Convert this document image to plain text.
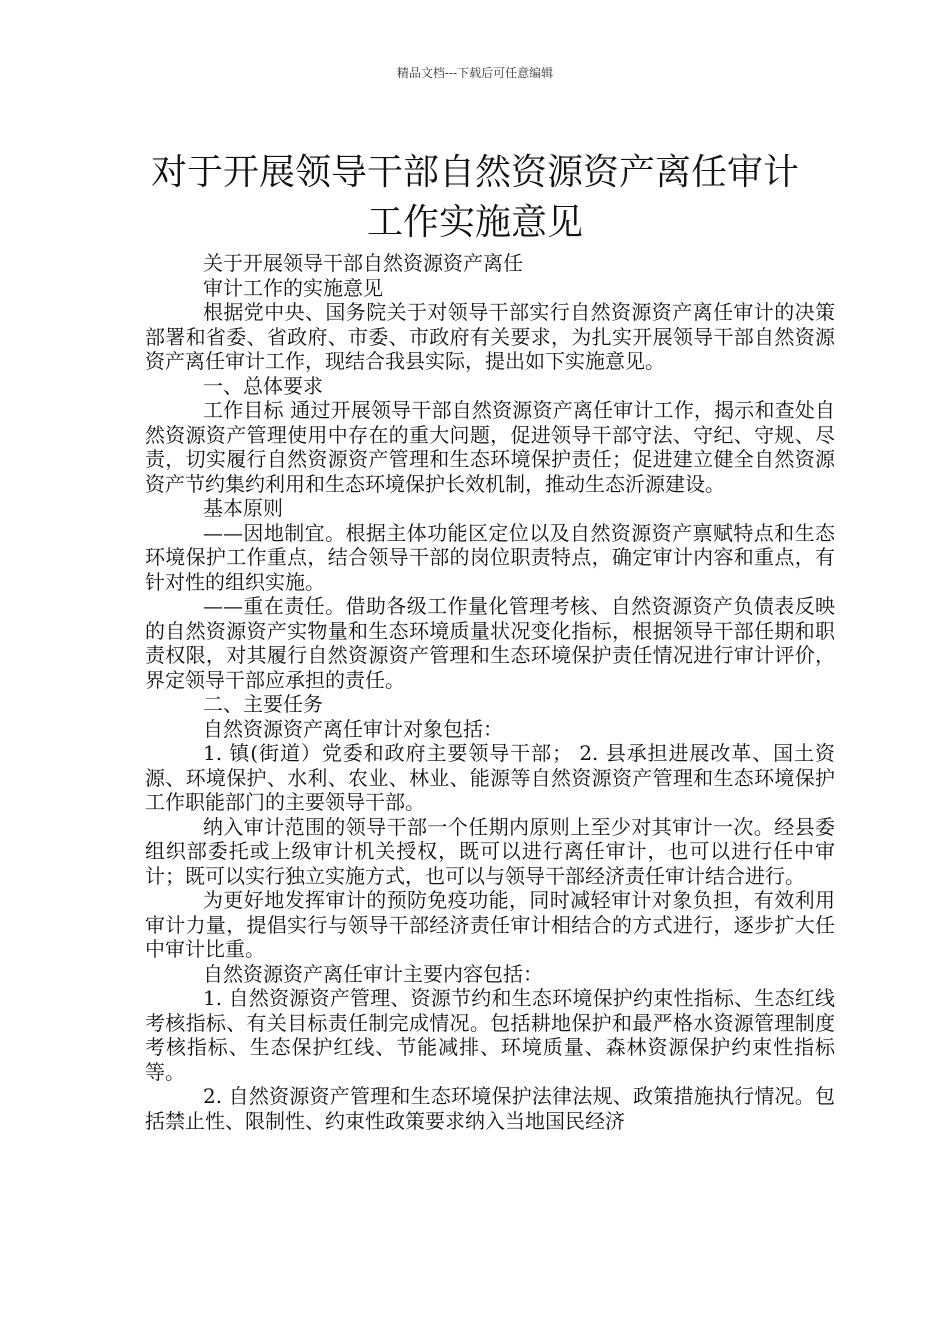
精品文档---下载后可任意编辑
对于开展领导干部自然资源资产离任审计
工作实施意见

关于开展领导干部自然资源资产离任

审计工作的实施意见

根据党中央、国务院关于对领导干部实行自然资源资产离任审计的决策部署和省委、省政府、市委、市政府有关要求，为扎实开展领导干部自然资源资产离任审计工作，现结合我县实际，提出如下实施意见。

一、总体要求

工作目标 通过开展领导干部自然资源资产离任审计工作，揭示和查处自然资源资产管理使用中存在的重大问题，促进领导干部守法、守纪、守规、尽责，切实履行自然资源资产管理和生态环境保护责任；促进建立健全自然资源资产节约集约利用和生态环境保护长效机制，推动生态沂源建设。

基本原则

——因地制宜。根据主体功能区定位以及自然资源资产禀赋特点和生态环境保护工作重点，结合领导干部的岗位职责特点，确定审计内容和重点，有针对性的组织实施。

——重在责任。借助各级工作量化管理考核、自然资源资产负债表反映的自然资源资产实物量和生态环境质量状况变化指标，根据领导干部任期和职责权限，对其履行自然资源资产管理和生态环境保护责任情况进行审计评价，界定领导干部应承担的责任。

二、主要任务

自然资源资产离任审计对象包括：

1. 镇(街道）党委和政府主要领导干部； 2. 县承担进展改革、国土资源、环境保护、水利、农业、林业、能源等自然资源资产管理和生态环境保护工作职能部门的主要领导干部。

纳入审计范围的领导干部一个任期内原则上至少对其审计一次。经县委组织部委托或上级审计机关授权，既可以进行离任审计，也可以进行任中审计；既可以实行独立实施方式，也可以与领导干部经济责任审计结合进行。

为更好地发挥审计的预防免疫功能，同时减轻审计对象负担，有效利用审计力量，提倡实行与领导干部经济责任审计相结合的方式进行，逐步扩大任中审计比重。

自然资源资产离任审计主要内容包括：

1. 自然资源资产管理、资源节约和生态环境保护约束性指标、生态红线考核指标、有关目标责任制完成情况。包括耕地保护和最严格水资源管理制度考核指标、生态保护红线、节能减排、环境质量、森林资源保护约束性指标等。

2. 自然资源资产管理和生态环境保护法律法规、政策措施执行情况。包括禁止性、限制性、约束性政策要求纳入当地国民经济
